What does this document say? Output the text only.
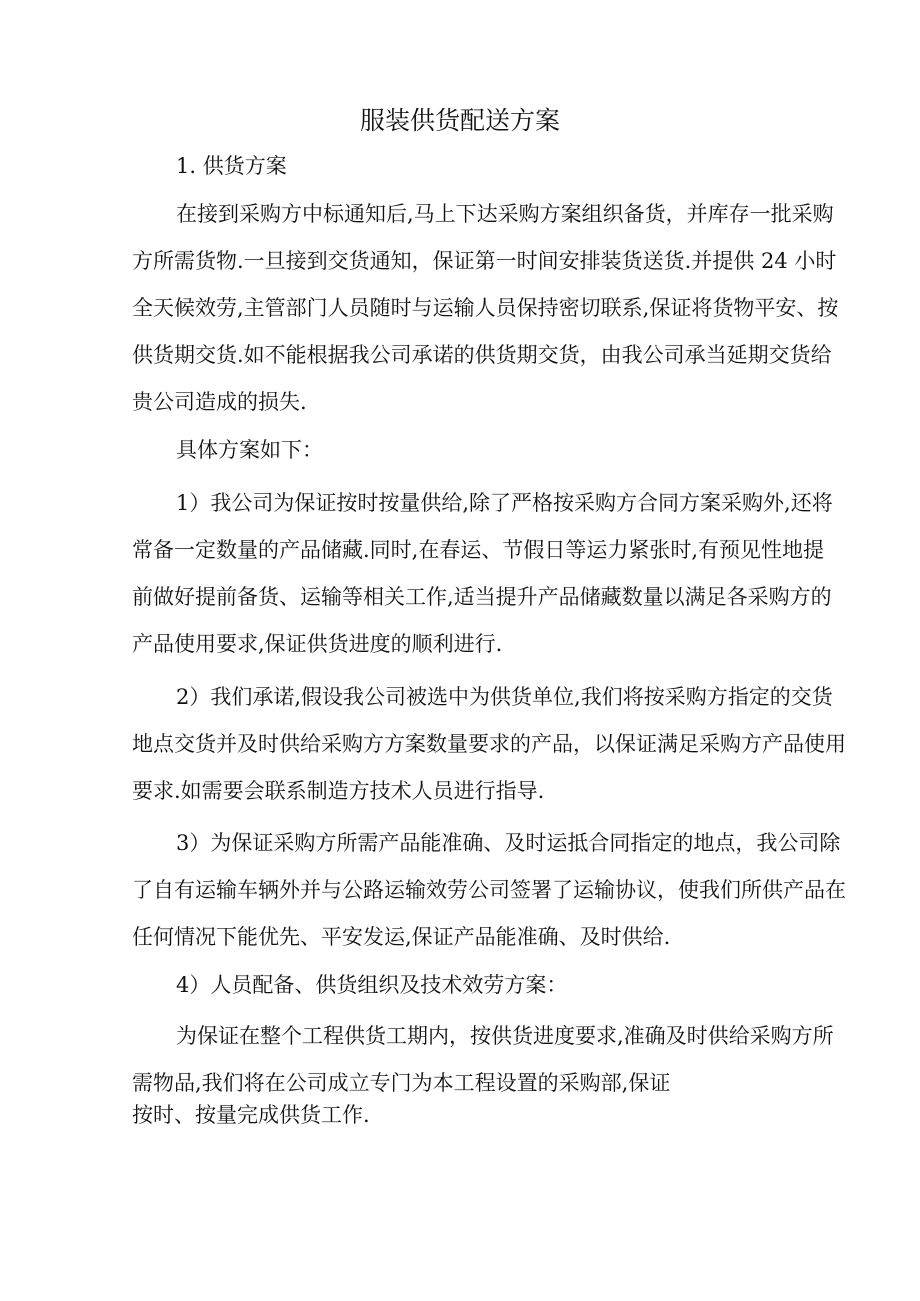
服装供货配送方案
1. 供货方案
在接到采购方中标通知后,马上下达采购方案组织备货，并库存一批采购
方所需货物.一旦接到交货通知，保证第一时间安排装货送货.并提供 24 小时
全天候效劳,主管部门人员随时与运输人员保持密切联系,保证将货物平安、按
供货期交货.如不能根据我公司承诺的供货期交货，由我公司承当延期交货给
贵公司造成的损失.
具体方案如下：
1）我公司为保证按时按量供给,除了严格按采购方合同方案采购外,还将
常备一定数量的产品储藏.同时,在春运、节假日等运力紧张时,有预见性地提
前做好提前备货、运输等相关工作,适当提升产品储藏数量以满足各采购方的
产品使用要求,保证供货进度的顺利进行.
2）我们承诺,假设我公司被选中为供货单位,我们将按采购方指定的交货
地点交货并及时供给采购方方案数量要求的产品，以保证满足采购方产品使用
要求.如需要会联系制造方技术人员进行指导.
3）为保证采购方所需产品能准确、及时运抵合同指定的地点，我公司除
了自有运输车辆外并与公路运输效劳公司签署了运输协议，使我们所供产品在
任何情况下能优先、平安发运,保证产品能准确、及时供给.
4）人员配备、供货组织及技术效劳方案：
为保证在整个工程供货工期内，按供货进度要求,准确及时供给采购方所
需物品,我们将在公司成立专门为本工程设置的采购部,保证
按时、按量完成供货工作.
